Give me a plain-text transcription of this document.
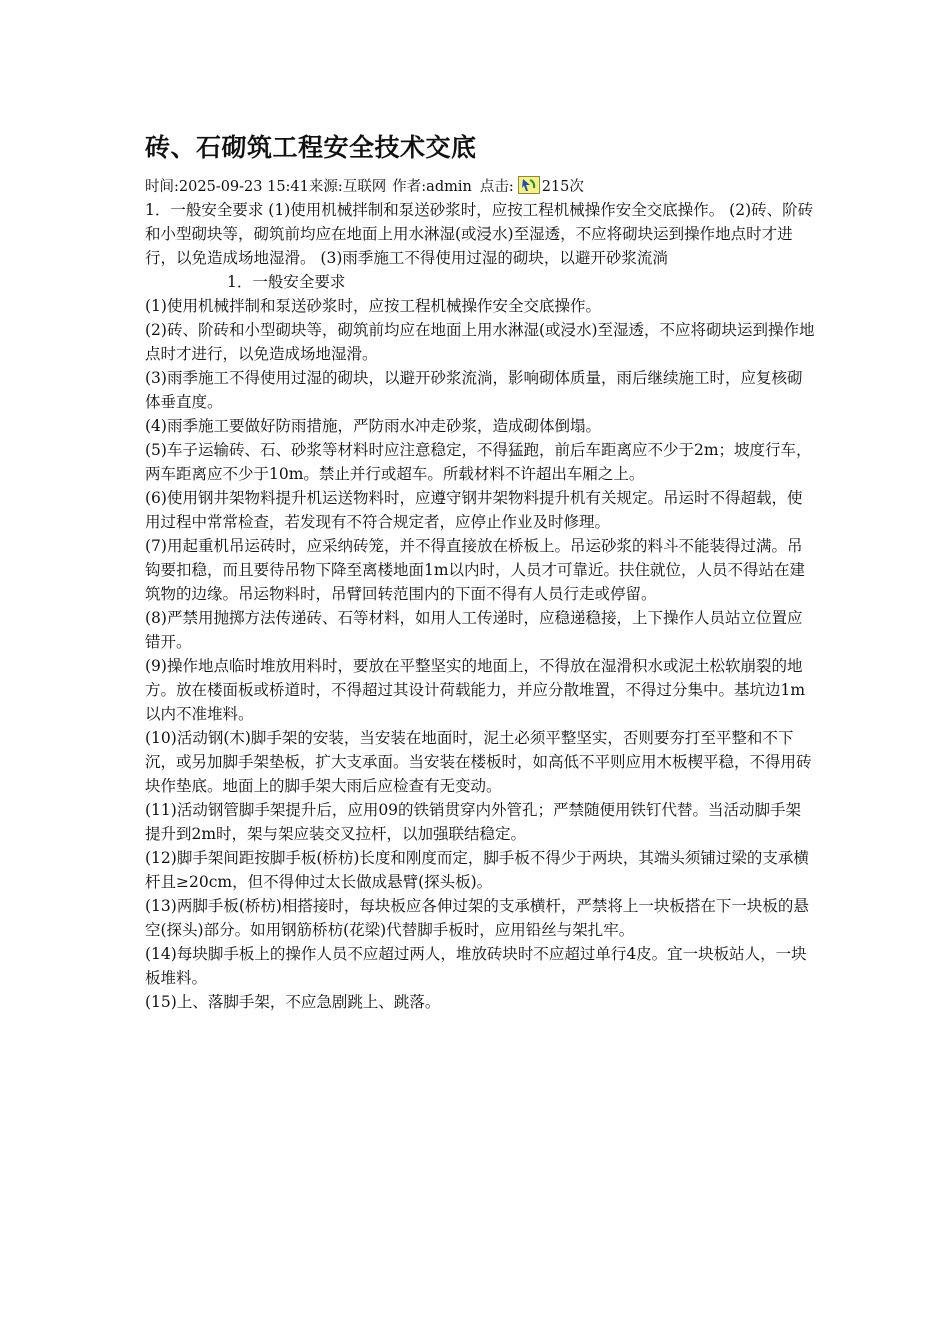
砖、石砌筑工程安全技术交底
时间: 2025-09-23 15:41 来源: 互联网 作者: admin 点击: 215 次

1．一般安全要求 (1)使用机械拌制和泵送砂浆时，应按工程机械操作安全交底操作。 (2)砖、阶砖和小型砌块等，砌筑前均应在地面上用水淋湿(或浸水)至湿透，不应将砌块运到操作地点时才进行，以免造成场地湿滑。 (3)雨季施工不得使用过湿的砌块，以避开砂浆流淌

1．一般安全要求

(1)使用机械拌制和泵送砂浆时，应按工程机械操作安全交底操作。

(2)砖、阶砖和小型砌块等，砌筑前均应在地面上用水淋湿(或浸水)至湿透，不应将砌块运到操作地点时才进行，以免造成场地湿滑。

(3)雨季施工不得使用过湿的砌块，以避开砂浆流淌，影响砌体质量，雨后继续施工时，应复核砌体垂直度。

(4)雨季施工要做好防雨措施，严防雨水冲走砂浆，造成砌体倒塌。

(5)车子运输砖、石、砂浆等材料时应注意稳定，不得猛跑，前后车距离应不少于2m；坡度行车，两车距离应不少于10m。禁止并行或超车。所载材料不许超出车厢之上。

(6)使用钢井架物料提升机运送物料时，应遵守钢井架物料提升机有关规定。吊运时不得超载，使用过程中常常检查，若发现有不符合规定者，应停止作业及时修理。

(7)用起重机吊运砖时，应采纳砖笼，并不得直接放在桥板上。吊运砂浆的料斗不能装得过满。吊钩要扣稳，而且要待吊物下降至离楼地面1m以内时，人员才可靠近。扶住就位，人员不得站在建筑物的边缘。吊运物料时，吊臂回转范围内的下面不得有人员行走或停留。

(8)严禁用抛掷方法传递砖、石等材料，如用人工传递时，应稳递稳接，上下操作人员站立位置应错开。

(9)操作地点临时堆放用料时，要放在平整坚实的地面上，不得放在湿滑积水或泥土松软崩裂的地方。放在楼面板或桥道时，不得超过其设计荷载能力，并应分散堆置，不得过分集中。基坑边1m以内不准堆料。

(10)活动钢(木)脚手架的安装，当安装在地面时，泥土必须平整坚实，否则要夯打至平整和不下沉，或另加脚手架垫板，扩大支承面。当安装在楼板时，如高低不平则应用木板楔平稳，不得用砖块作垫底。地面上的脚手架大雨后应检查有无变动。

(11)活动钢管脚手架提升后，应用09的铁销贯穿内外管孔；严禁随便用铁钉代替。当活动脚手架提升到2m时，架与架应装交叉拉杆，以加强联结稳定。

(12)脚手架间距按脚手板(桥枋)长度和刚度而定，脚手板不得少于两块，其端头须铺过梁的支承横杆且≥20cm，但不得伸过太长做成悬臂(探头板)。

(13)两脚手板(桥枋)相搭接时，每块板应各伸过架的支承横杆，严禁将上一块板搭在下一块板的悬空(探头)部分。如用钢筋桥枋(花梁)代替脚手板时，应用铅丝与架扎牢。

(14)每块脚手板上的操作人员不应超过两人，堆放砖块时不应超过单行4皮。宜一块板站人，一块板堆料。

(15)上、落脚手架，不应急剧跳上、跳落。
